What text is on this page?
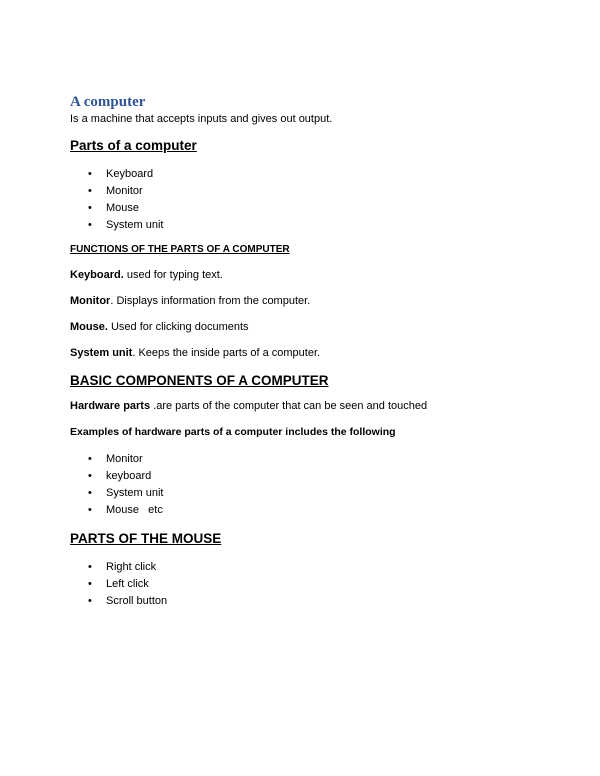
A computer

Is a machine that accepts inputs and gives out output.

Parts of a computer
• Keyboard
• Monitor
• Mouse
• System unit
FUNCTIONS OF THE PARTS OF A COMPUTER

Keyboard. used for typing text.

Monitor. Displays information from the computer.

Mouse. Used for clicking documents

System unit. Keeps the inside parts of a computer.

BASIC COMPONENTS OF A COMPUTER

Hardware parts .are parts of the computer that can be seen and touched

Examples of hardware parts of a computer includes the following

• Monitor
• keyboard
• System unit
• Mouse   etc
PARTS OF THE MOUSE
• Right click
• Left click
• Scroll button
